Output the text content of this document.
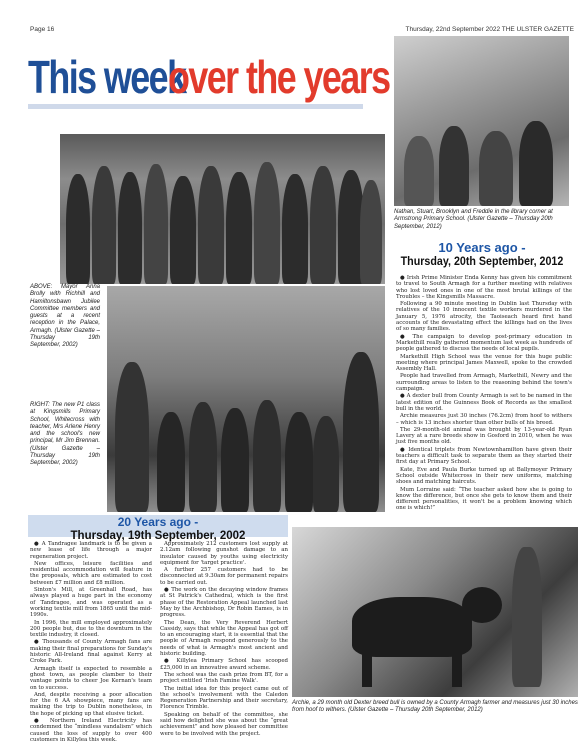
Page 16	Thursday, 22nd September 2022 THE ULSTER GAZETTE
This weekover the years
Nathan, Stuart, Brooklyn and Freddie in the library corner at Armstrong Primary School. (Ulster Gazette – Thursday 20th September, 2012)
ABOVE: Mayor Anna Brolly with Richhill and Hamiltonsbawn Jubilee Committee members and guests at a recent reception in the Palace, Armagh. (Ulster Gazette – Thursday 19th September, 2002)
RIGHT: The new P1 class at Kingsmills Primary School, Whitecross with teacher, Mrs Arlene Henry and the school's new principal, Mr Jim Brennan. (Ulster Gazette – Thursday 19th September, 2002)
10 Years ago -
Thursday, 20th September, 2012

● Irish Prime Minister Enda Kenny has given his commitment to travel to South Armagh for a further meeting with relatives who lost loved ones in one of the most brutal killings of the Troubles – the Kingsmills Massacre.

Following a 90 minute meeting in Dublin last Thursday with relatives of the 10 innocent textile workers murdered in the January 5, 1976 atrocity, the Taoiseach heard first hand accounts of the devastating effect the killings had on the lives of so many families.

● The campaign to develop post-primary education in Markethill really gathered momentum last week as hundreds of people gathered to discuss the needs of local pupils.

Markethill High School was the venue for this huge public meeting where principal James Maxwell, spoke to the crowded Assembly Hall.

People had travelled from Armagh, Markethill, Newry and the surrounding areas to listen to the reasoning behind the town's campaign.

● A dexter bull from County Armagh is set to be named in the latest edition of the Guinness Book of Records as the smallest bull in the world.

Archie measures just 30 inches (76.2cm) from hoof to withers – which is 13 inches shorter than other bulls of his breed.

The 29-month-old animal was brought by 13-year-old Ryan Lavery at a rare breeds show in Gosford in 2010, when he was just five months old.

● Identical triplets from Newtownhamilton have given their teachers a difficult task to separate them as they started their first day at Primary School.

Kate, Eve and Paula Burke turned up at Ballymoyer Primary School outside Whitecross in their new uniforms, matching shoes and matching haircuts.

Mum Lorraine said: “The teacher asked how she is going to know the difference, but once she gets to know them and their different personalities, it won't be a problem knowing which one is which!”

20 Years ago -
Thursday, 19th September, 2002

● A Tandragee landmark is to be given a new lease of life through a major regeneration project.

New offices, leisure facilities and residential accommodation will feature in the proposals, which are estimated to cost between £7 million and £8 million.

Sinton's Mill, at Greenhall Road, has always played a huge part in the economy of Tandragee, and was operated as a working textile mill from 1865 until the mid-1990s.

In 1996, the mill employed approximately 200 people but, due to the downturn in the textile industry, it closed.

● Thousands of County Armagh fans are making their final preparations for Sunday's historic All-Ireland final against Kerry at Croke Park.

Armagh itself is expected to resemble a ghost town, as people clamber to their vantage points to cheer Joe Kernan's team on to success.

And, despite receiving a poor allocation for the 6 AA showpiece, many fans are making the trip to Dublin nonetheless, in the hope of picking up that elusive ticket.

● Northern Ireland Electricity has condemned the “mindless vandalism” which caused the loss of supply to over 400 customers in Killylea this week.

Approximately 212 customers lost supply at 2.12am following gunshot damage to an insulator caused by youths using electricity equipment for 'target practice'.

A further 257 customers had to be disconnected at 9.30am for permanent repairs to be carried out.

● The work on the decaying window frames at St Patrick's Cathedral, which is the first phase of the Restoration Appeal launched last May by the Archbishop, Dr Robin Eames, is in progress.

The Dean, the Very Reverend Herbert Cassidy, says that while the Appeal has got off to an encouraging start, it is essential that the people of Armagh respond generously to the needs of what is Armagh's most ancient and historic building.

● Killylea Primary School has scooped £25,000 in an innovative award scheme.

The school was the cash prize from BT, for a project entitled 'Irish Famine Walk'.

The initial idea for this project came out of the school's involvement with the Caledon Regeneration Partnership and their secretary, Florence Trimble.

Speaking on behalf of the committee, she said how delighted she was about the “great achievement” and how pleased her committee were to be involved with the project.

Archie, a 29 month old Dexter breed bull is owned by a County Armagh farmer and measures just 30 inches from hoof to withers. (Ulster Gazette – Thursday 20th September, 2012)
